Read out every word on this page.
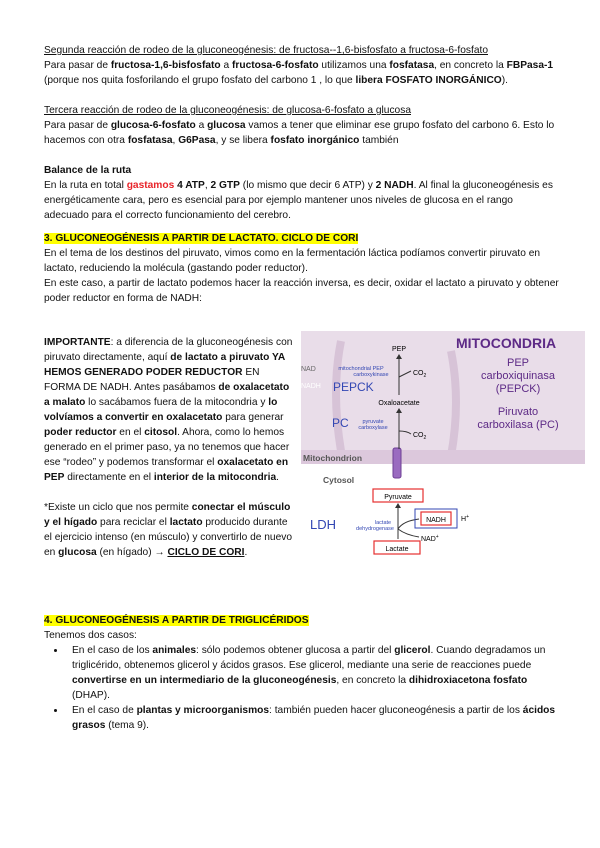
Segunda reacción de rodeo de la gluconeogénesis: de fructosa--1,6-bisfosfato a fructosa-6-fosfato

Para pasar de fructosa-1,6-bisfosfato a fructosa-6-fosfato utilizamos una fosfatasa, en concreto la FBPasa-1 (porque nos quita fosforilando el grupo fosfato del carbono 1 , lo que libera FOSFATO INORGÁNICO).

Tercera reacción de rodeo de la gluconeogénesis: de glucosa-6-fosfato a glucosa

Para pasar de glucosa-6-fosfato a glucosa vamos a tener que eliminar ese grupo fosfato del carbono 6. Esto lo hacemos con otra fosfatasa, G6Pasa, y se libera fosfato inorgánico también

Balance de la ruta

En la ruta en total gastamos 4 ATP, 2 GTP (lo mismo que decir 6 ATP) y 2 NADH. Al final la gluconeogénesis es energéticamente cara, pero es esencial para por ejemplo mantener unos niveles de glucosa en el rango adecuado para el correcto funcionamiento del cerebro.

3. GLUCONEOGÉNESIS A PARTIR DE LACTATO. CICLO DE CORI

En el tema de los destinos del piruvato, vimos como en la fermentación láctica podíamos convertir piruvato en lactato, reduciendo la molécula (gastando poder reductor).

En este caso, a partir de lactato podemos hacer la reacción inversa, es decir, oxidar el lactato a piruvato y obtener poder reductor en forma de NADH:

IMPORTANTE: a diferencia de la gluconeogénesis con piruvato directamente, aquí de lactato a piruvato YA HEMOS GENERADO PODER REDUCTOR EN FORMA DE NADH. Antes pasábamos de oxalacetato a malato lo sacábamos fuera de la mitocondria y lo volvíamos a convertir en oxalacetato para generar poder reductor en el citosol. Ahora, como lo hemos generado en el primer paso, ya no tenemos que hacer ese “rodeo” y podemos transformar el oxalacetato en PEP directamente en el interior de la mitocondria.

*Existe un ciclo que nos permite conectar el músculo y el hígado para reciclar el lactato producido durante el ejercicio intenso (en músculo) y convertirlo de nuevo en glucosa (en hígado) → CICLO DE CORI.

MITOCONDRIA
PEP
carboxiquinasa
(PEPCK)
Piruvato
carboxilasa (PC)
NAD
NADH
PEP
mitochondrial PEP
carboxykinase	$CO_2$
PEPCK
Oxaloacetate
PC	pyruvate
carboxylase
$CO_2$
Mitochondrion
Cytosol
Pyruvate
LDH	lactate
dehydrogenase
NADH H+
NAD+
Lactate

4. GLUCONEOGÉNESIS A PARTIR DE TRIGLICÉRIDOS

Tenemos dos casos:

• En el caso de los animales: sólo podemos obtener glucosa a partir del glicerol. Cuando degradamos un triglicérido, obtenemos glicerol y ácidos grasos. Ese glicerol, mediante una serie de reacciones puede convertirse en un intermediario de la gluconeogénesis, en concreto la dihidroxiacetona fosfato (DHAP).
• En el caso de plantas y microorganismos: también pueden hacer gluconeogénesis a partir de los ácidos grasos (tema 9).
